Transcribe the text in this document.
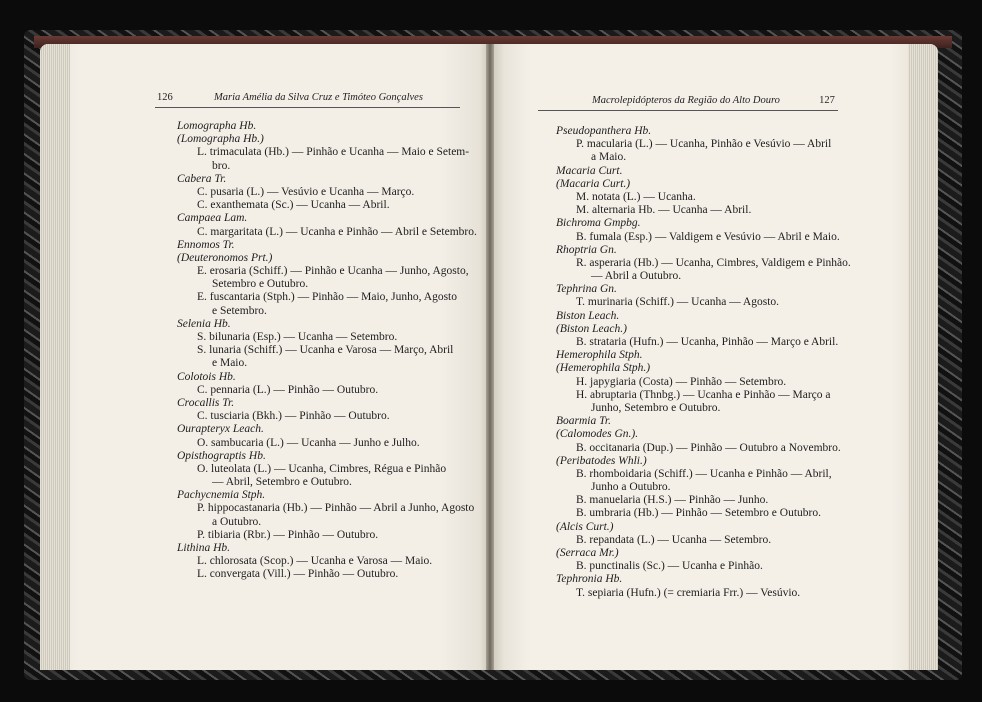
126	Maria Amélia da Silva Cruz e Timóteo Gonçalves	Macrolepidópteros da Região do Alto Douro	127
Lomographa Hb.
(Lomographa Hb.)
L. trimaculata (Hb.) — Pinhão e Ucanha — Maio e Setem-
bro.
Cabera Tr.
C. pusaria (L.) — Vesúvio e Ucanha — Março.
C. exanthemata (Sc.) — Ucanha — Abril.
Campaea Lam.
C. margaritata (L.) — Ucanha e Pinhão — Abril e Setembro.
Ennomos Tr.
(Deuteronomos Prt.)
E. erosaria (Schiff.) — Pinhão e Ucanha — Junho, Agosto,
Setembro e Outubro.
E. fuscantaria (Stph.) — Pinhão — Maio, Junho, Agosto
e Setembro.
Selenia Hb.
S. bilunaria (Esp.) — Ucanha — Setembro.
S. lunaria (Schiff.) — Ucanha e Varosa — Março, Abril
e Maio.
Colotois Hb.
C. pennaria (L.) — Pinhão — Outubro.
Crocallis Tr.
C. tusciaria (Bkh.) — Pinhão — Outubro.
Ourapteryx Leach.
O. sambucaria (L.) — Ucanha — Junho e Julho.
Opisthograptis Hb.
O. luteolata (L.) — Ucanha, Cimbres, Régua e Pinhão
— Abril, Setembro e Outubro.
Pachycnemia Stph.
P. hippocastanaria (Hb.) — Pinhão — Abril a Junho, Agosto
a Outubro.
P. tibiaria (Rbr.) — Pinhão — Outubro.
Lithina Hb.
L. chlorosata (Scop.) — Ucanha e Varosa — Maio.
L. convergata (Vill.) — Pinhão — Outubro.
Pseudopanthera Hb.
P. macularia (L.) — Ucanha, Pinhão e Vesúvio — Abril
a Maio.
Macaria Curt.
(Macaria Curt.)
M. notata (L.) — Ucanha.
M. alternaria Hb. — Ucanha — Abril.
Bichroma Gmpbg.
B. fumala (Esp.) — Valdigem e Vesúvio — Abril e Maio.
Rhoptria Gn.
R. asperaria (Hb.) — Ucanha, Cimbres, Valdigem e Pinhão.
— Abril a Outubro.
Tephrina Gn.
T. murinaria (Schiff.) — Ucanha — Agosto.
Biston Leach.
(Biston Leach.)
B. strataria (Hufn.) — Ucanha, Pinhão — Março e Abril.
Hemerophila Stph.
(Hemerophila Stph.)
H. japygiaria (Costa) — Pinhão — Setembro.
H. abruptaria (Thnbg.) — Ucanha e Pinhão — Março a
Junho, Setembro e Outubro.
Boarmia Tr.
(Calomodes Gn.).
B. occitanaria (Dup.) — Pinhão — Outubro a Novembro.
(Peribatodes Whli.)
B. rhomboidaria (Schiff.) — Ucanha e Pinhão — Abril,
Junho a Outubro.
B. manuelaria (H.S.) — Pinhão — Junho.
B. umbraria (Hb.) — Pinhão — Setembro e Outubro.
(Alcis Curt.)
B. repandata (L.) — Ucanha — Setembro.
(Serraca Mr.)
B. punctinalis (Sc.) — Ucanha e Pinhão.
Tephronia Hb.
T. sepiaria (Hufn.) (= cremiaria Frr.) — Vesúvio.
